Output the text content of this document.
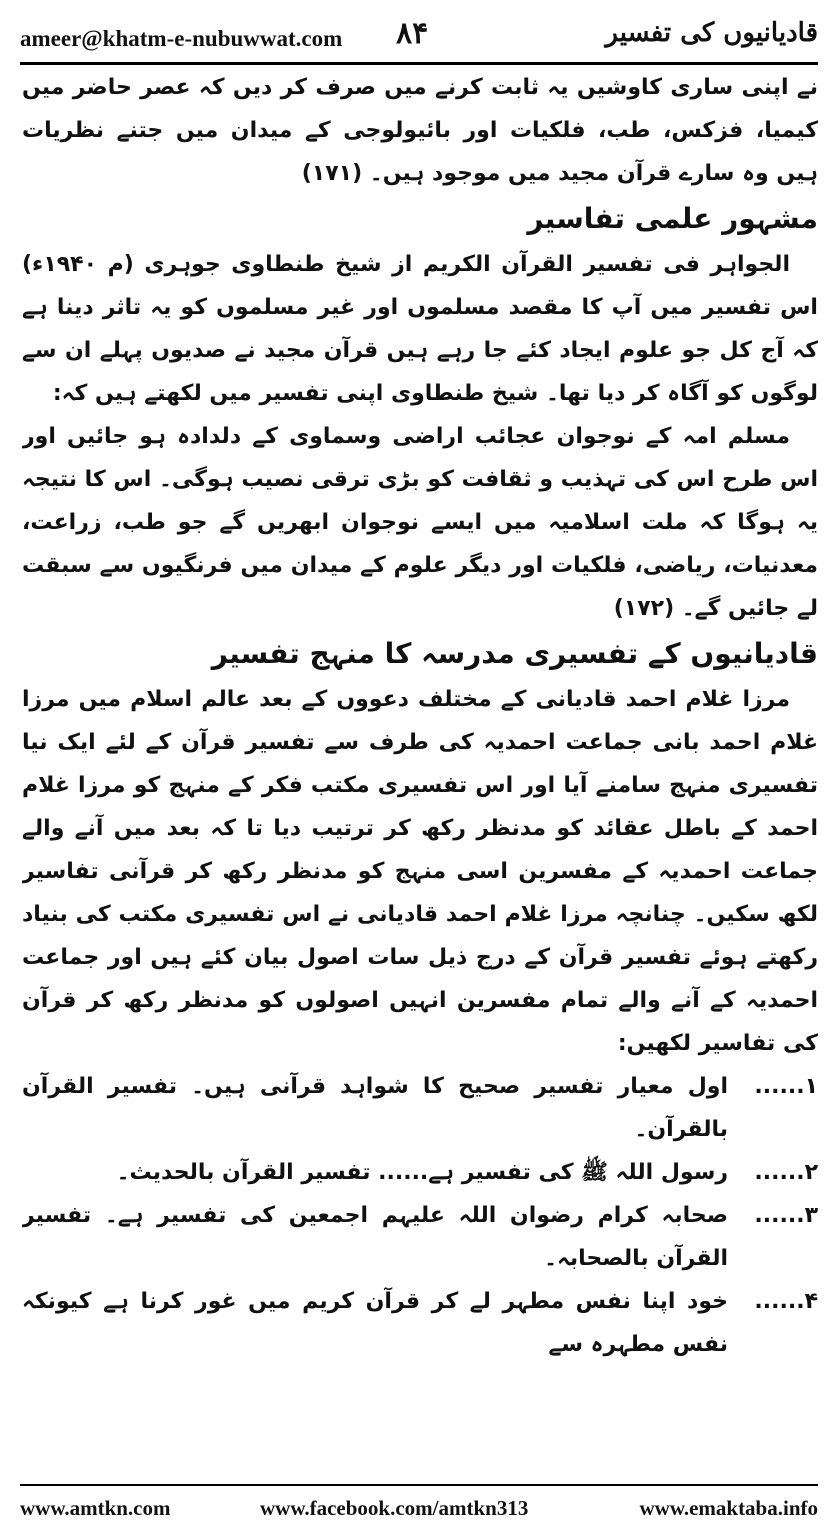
ameer@khatm-e-nubuwwat.com ۸۴	قادیانیوں کی تفسیر

نے اپنی ساری کاوشیں یہ ثابت کرنے میں صرف کر دیں کہ عصر حاضر میں کیمیا، فزکس، طب، فلکیات اور بائیولوجی کے میدان میں جتنے نظریات ہیں وہ سارے قرآن مجید میں موجود ہیں۔ (۱۷۱)

مشہور علمی تفاسیر

الجواہر فی تفسیر القرآن الکریم از شیخ طنطاوی جوہری (م ۱۹۴۰ء) اس تفسیر میں آپ کا مقصد مسلموں اور غیر مسلموں کو یہ تاثر دینا ہے کہ آج کل جو علوم ایجاد کئے جا رہے ہیں قرآن مجید نے صدیوں پہلے ان سے لوگوں کو آگاہ کر دیا تھا۔ شیخ طنطاوی اپنی تفسیر میں لکھتے ہیں کہ:

مسلم امہ کے نوجوان عجائب اراضی وسماوی کے دلدادہ ہو جائیں اور اس طرح اس کی تہذیب و ثقافت کو بڑی ترقی نصیب ہوگی۔ اس کا نتیجہ یہ ہوگا کہ ملت اسلامیہ میں ایسے نوجوان ابھریں گے جو طب، زراعت، معدنیات، ریاضی، فلکیات اور دیگر علوم کے میدان میں فرنگیوں سے سبقت لے جائیں گے۔ (۱۷۲)

قادیانیوں کے تفسیری مدرسہ کا منہج تفسیر

مرزا غلام احمد قادیانی کے مختلف دعووں کے بعد عالم اسلام میں مرزا غلام احمد بانی جماعت احمدیہ کی طرف سے تفسیر قرآن کے لئے ایک نیا تفسیری منہج سامنے آیا اور اس تفسیری مکتب فکر کے منہج کو مرزا غلام احمد کے باطل عقائد کو مدنظر رکھ کر ترتیب دیا تا کہ بعد میں آنے والے جماعت احمدیہ کے مفسرین اسی منہج کو مدنظر رکھ کر قرآنی تفاسیر لکھ سکیں۔ چنانچہ مرزا غلام احمد قادیانی نے اس تفسیری مکتب کی بنیاد رکھتے ہوئے تفسیر قرآن کے درج ذیل سات اصول بیان کئے ہیں اور جماعت احمدیہ کے آنے والے تمام مفسرین انہیں اصولوں کو مدنظر رکھ کر قرآن کی تفاسیر لکھیں:

۱......
اول معیار تفسیر صحیح کا شواہد قرآنی ہیں۔ تفسیر القرآن بالقرآن۔
۲......
رسول اللہ ﷺ کی تفسیر ہے...... تفسیر القرآن بالحدیث۔
۳......
صحابہ کرام رضوان اللہ علیہم اجمعین کی تفسیر ہے۔ تفسیر القرآن بالصحابہ۔
۴......
خود اپنا نفس مطہر لے کر قرآن کریم میں غور کرنا ہے کیونکہ نفس مطہرہ سے
www.amtkn.com	www.facebook.com/amtkn313	www.emaktaba.info
